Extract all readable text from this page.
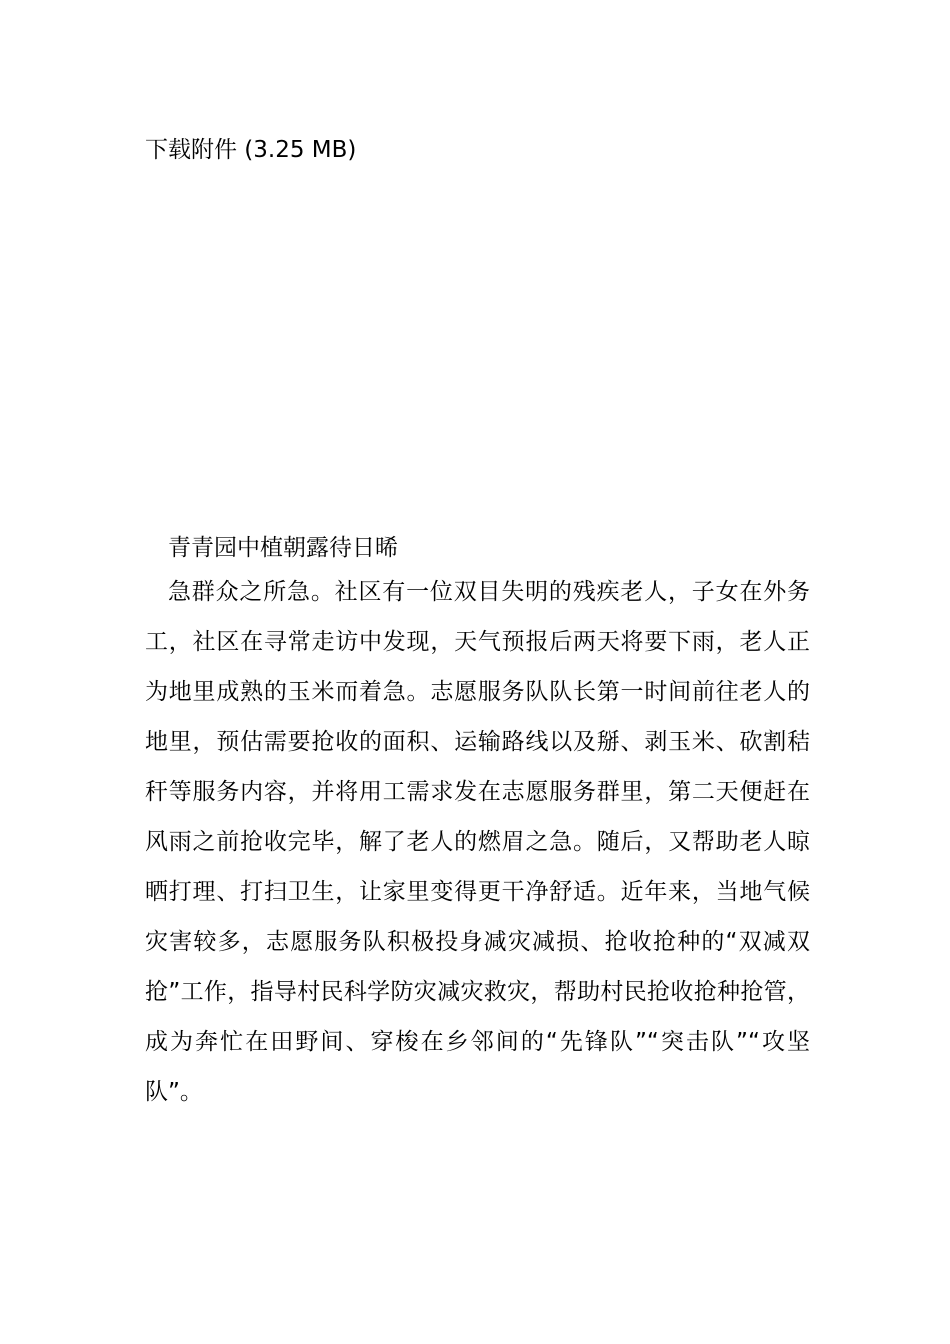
下载附件 (3.25 MB)
青青园中植朝露待日晞

急群众之所急。社区有一位双目失明的残疾老人，子女在外务工，社区在寻常走访中发现，天气预报后两天将要下雨，老人正为地里成熟的玉米而着急。志愿服务队队长第一时间前往老人的地里，预估需要抢收的面积、运输路线以及掰、剥玉米、砍割秸秆等服务内容，并将用工需求发在志愿服务群里，第二天便赶在风雨之前抢收完毕，解了老人的燃眉之急。随后，又帮助老人晾晒打理、打扫卫生，让家里变得更干净舒适。近年来，当地气候灾害较多，志愿服务队积极投身减灾减损、抢收抢种的“双减双抢”工作，指导村民科学防灾减灾救灾，帮助村民抢收抢种抢管，成为奔忙在田野间、穿梭在乡邻间的“先锋队”“突击队”“攻坚队”。
